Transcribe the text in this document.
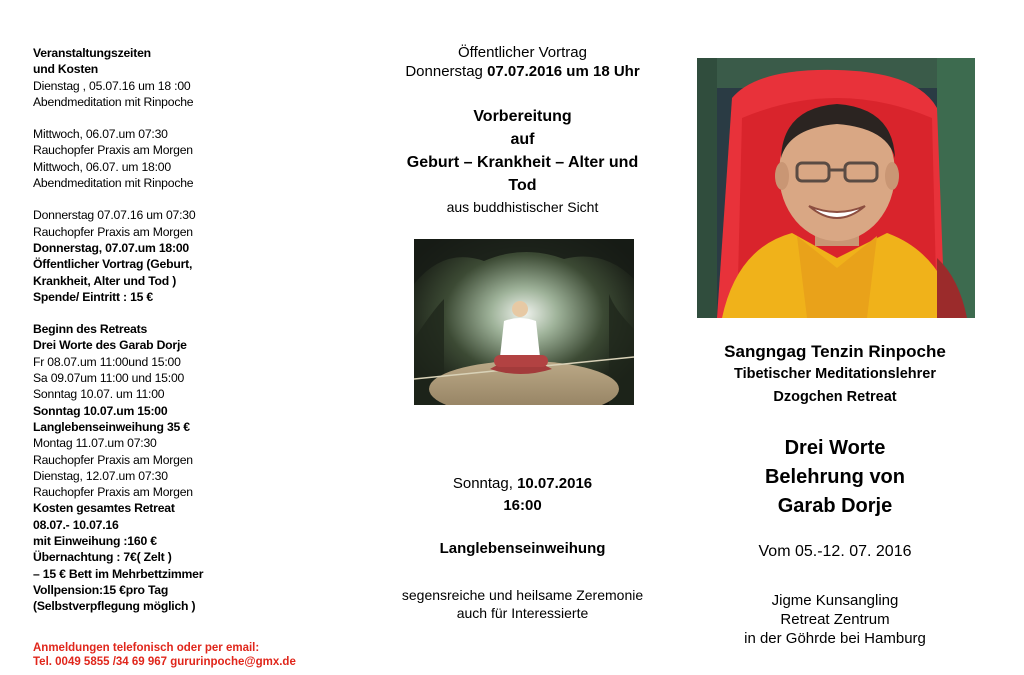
Veranstaltungszeiten
und Kosten
Dienstag , 05.07.16 um 18 :00
Abendmeditation mit Rinpoche
Mittwoch, 06.07.um 07:30
Rauchopfer Praxis am Morgen
Mittwoch, 06.07. um 18:00
Abendmeditation mit Rinpoche
Donnerstag 07.07.16 um 07:30
Rauchopfer Praxis am Morgen
Donnerstag, 07.07.um 18:00
Öffentlicher Vortrag (Geburt,
Krankheit, Alter und Tod )
Spende/ Eintritt : 15 €
Beginn des Retreats
Drei Worte des Garab Dorje
Fr 08.07.um 11:00und 15:00
Sa 09.07um 11:00 und 15:00
Sonntag 10.07. um 11:00
Sonntag 10.07.um 15:00
Langlebenseinweihung 35 €
Montag 11.07.um 07:30
Rauchopfer Praxis am Morgen
Dienstag, 12.07.um 07:30
Rauchopfer Praxis am Morgen
Kosten gesamtes Retreat
08.07.- 10.07.16
mit Einweihung :160 €
Übernachtung : 7€( Zelt )
– 15 € Bett im Mehrbettzimmer
Vollpension:15 €pro Tag
(Selbstverpflegung möglich )
Anmeldungen telefonisch oder per email:
Tel. 0049 5855 /34 69 967 gururinpoche@gmx.de
Öffentlicher Vortrag
Donnerstag 07.07.2016 um 18 Uhr
Vorbereitung
auf
Geburt – Krankheit – Alter und
Tod
aus buddhistischer Sicht
Sonntag, 10.07.2016
16:00
Langlebenseinweihung
segensreiche und heilsame Zeremonie
auch für Interessierte
Sangngag Tenzin Rinpoche
Tibetischer Meditationslehrer
Dzogchen Retreat
Drei Worte
Belehrung von
Garab Dorje
Vom 05.-12. 07. 2016
Jigme Kunsangling
Retreat Zentrum
in der Göhrde bei Hamburg
